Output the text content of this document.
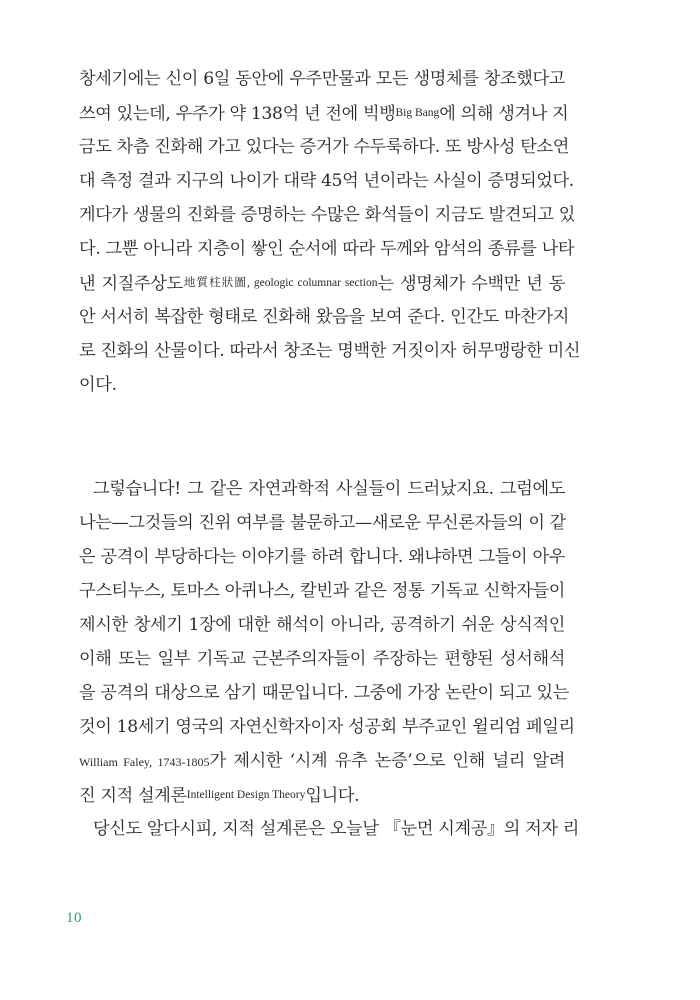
창세기에는 신이 6일 동안에 우주만물과 모든 생명체를 창조했다고
쓰여 있는데, 우주가 약 138억 년 전에 빅뱅Big Bang에 의해 생겨나 지
금도 차츰 진화해 가고 있다는 증거가 수두룩하다. 또 방사성 탄소연
대 측정 결과 지구의 나이가 대략 45억 년이라는 사실이 증명되었다.
게다가 생물의 진화를 증명하는 수많은 화석들이 지금도 발견되고 있
다. 그뿐 아니라 지층이 쌓인 순서에 따라 두께와 암석의 종류를 나타
낸 지질주상도地質柱狀圖, geologic columnar section는 생명체가 수백만 년 동
안 서서히 복잡한 형태로 진화해 왔음을 보여 준다. 인간도 마찬가지
로 진화의 산물이다. 따라서 창조는 명백한 거짓이자 허무맹랑한 미신
이다.
그렇습니다! 그 같은 자연과학적 사실들이 드러났지요. 그럼에도
나는—그것들의 진위 여부를 불문하고—새로운 무신론자들의 이 같
은 공격이 부당하다는 이야기를 하려 합니다. 왜냐하면 그들이 아우
구스티누스, 토마스 아퀴나스, 칼빈과 같은 정통 기독교 신학자들이
제시한 창세기 1장에 대한 해석이 아니라, 공격하기 쉬운 상식적인
이해 또는 일부 기독교 근본주의자들이 주장하는 편향된 성서해석
을 공격의 대상으로 삼기 때문입니다. 그중에 가장 논란이 되고 있는
것이 18세기 영국의 자연신학자이자 성공회 부주교인 윌리엄 페일리
William Faley, 1743-1805가 제시한 ‘시계 유추 논증’으로 인해 널리 알려
진 지적 설계론Intelligent Design Theory입니다.
당신도 알다시피, 지적 설계론은 오늘날 『눈먼 시계공』의 저자 리
10
